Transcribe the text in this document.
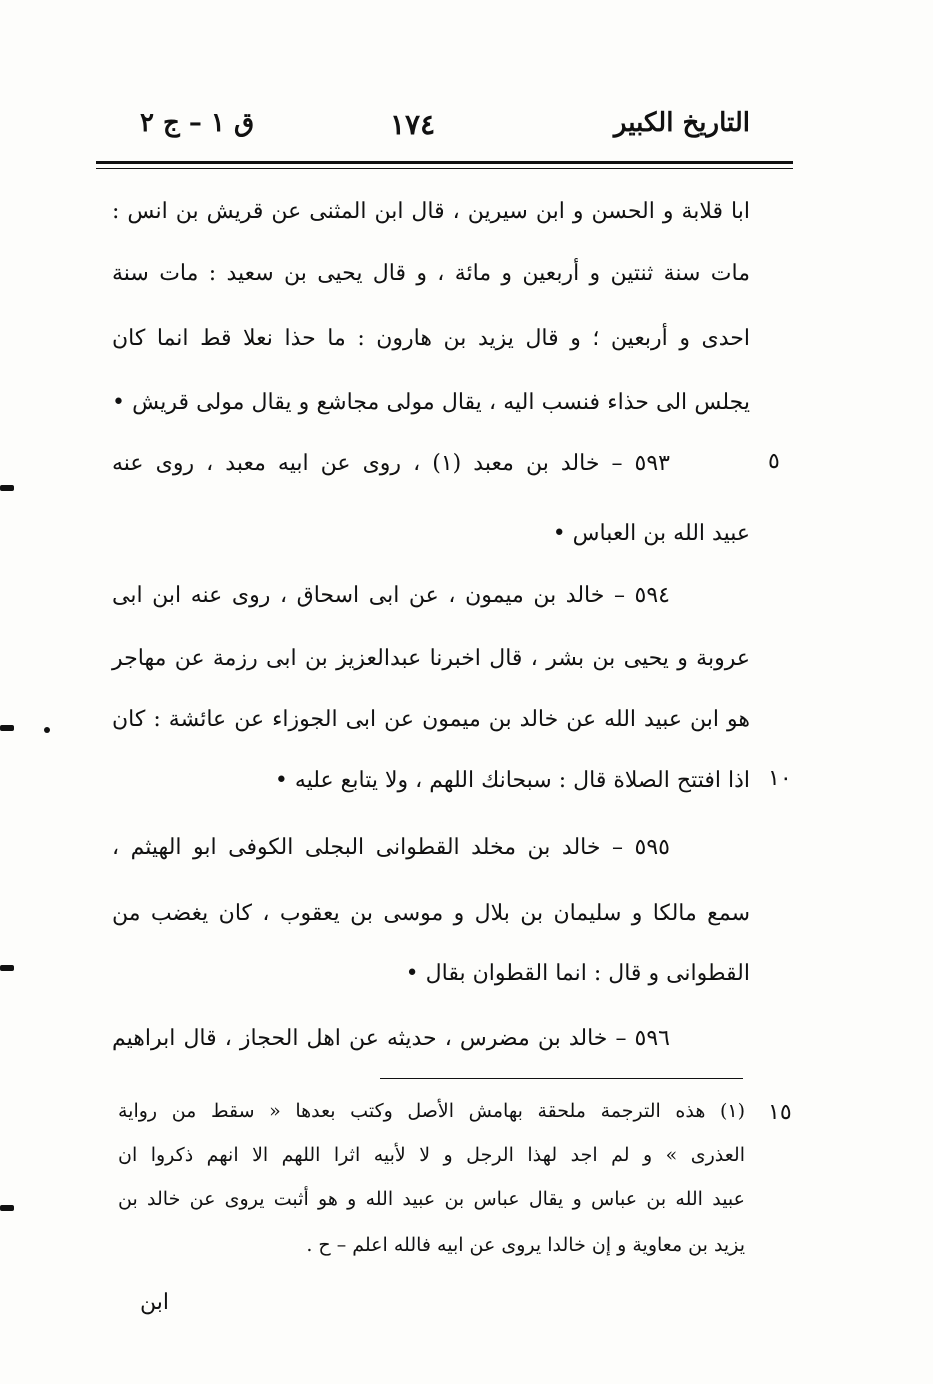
التاريخ الكبير
١٧٤
ق ١ – ج ٢
ابا قلابة و الحسن و ابن سيرين ، قال ابن المثنى عن قريش بن انس :
مات سنة ثنتين و أربعين و مائة ، و قال يحيى بن سعيد : مات سنة
احدى و أربعين ؛ و قال يزيد بن هارون : ما حذا نعلا قط انما كان
يجلس الى حذاء فنسب اليه ، يقال مولى مجاشع و يقال مولى قريش •
٥٩٣ – خالد بن معبد (١) ، روى عن ابيه معبد ، روى عنه
عبيد الله بن العباس •
٥٩٤ – خالد بن ميمون ، عن ابى اسحاق ، روى عنه ابن ابى
عروبة و يحيى بن بشر ، قال اخبرنا عبدالعزيز بن ابى رزمة عن مهاجر
هو ابن عبيد الله عن خالد بن ميمون عن ابى الجوزاء عن عائشة : كان
اذا افتتح الصلاة قال : سبحانك اللهم ، ولا يتابع عليه •
٥٩٥ – خالد بن مخلد القطوانى البجلى الكوفى ابو الهيثم ،
سمع مالكا و سليمان بن بلال و موسى بن يعقوب ، كان يغضب من
القطوانى و قال : انما القطوان بقال •
٥٩٦ – خالد بن مضرس ، حديثه عن اهل الحجاز ، قال ابراهيم
٥
١٠
١٥
(١) هذه الترجمة ملحقة بهامش الأصل وكتب بعدها « سقط من رواية
العذرى » و لم اجد لهذا الرجل و لا لأبيه اثرا اللهم الا انهم ذكروا ان
عبيد الله بن عباس و يقال عباس بن عبيد الله و هو أثبت يروى عن خالد بن
يزيد بن معاوية و إن خالدا يروى عن ابيه فالله اعلم – ح .
ابن
